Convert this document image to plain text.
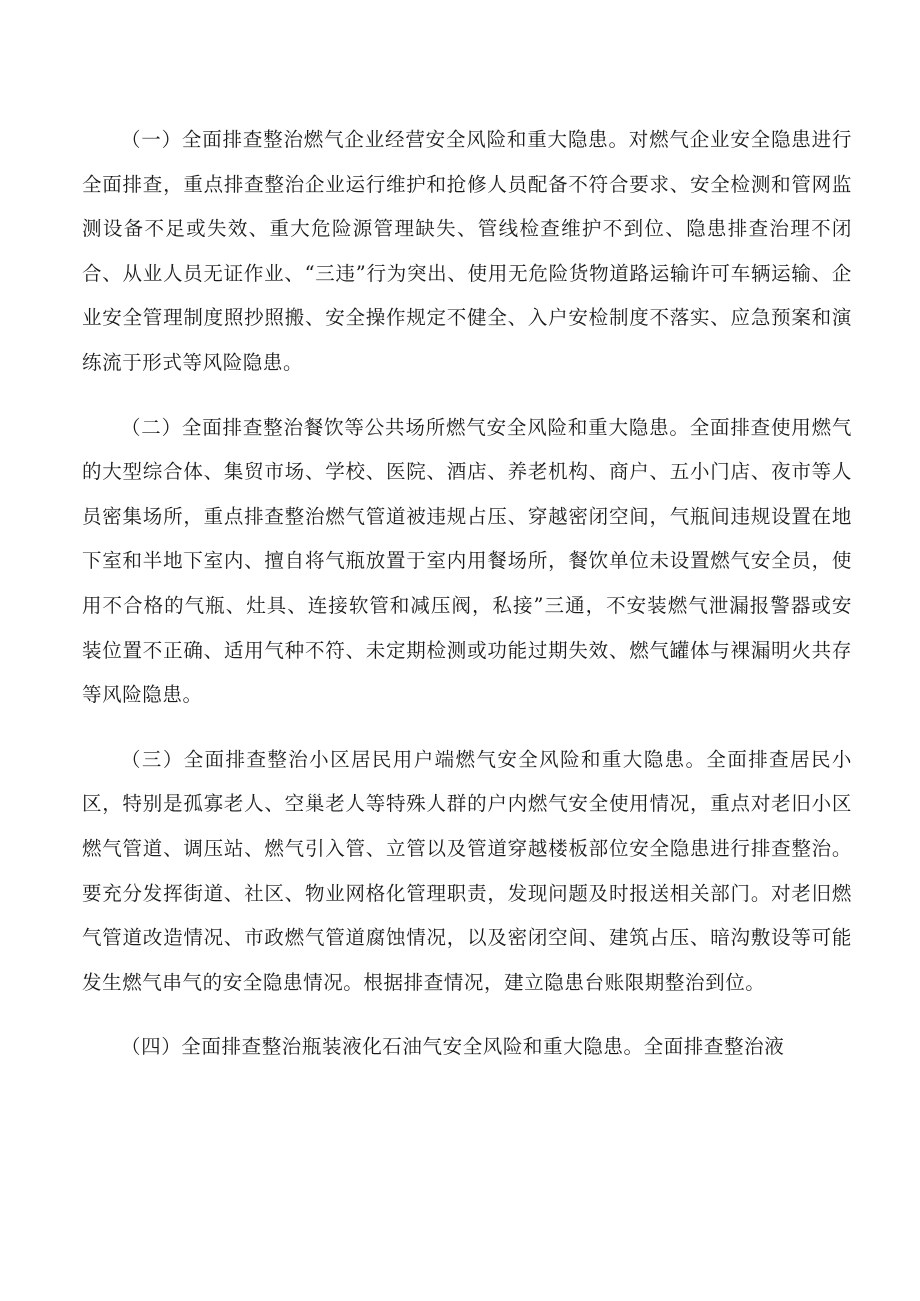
（一）全面排查整治燃气企业经营安全风险和重大隐患。对燃气企业安全隐患进行全面排查，重点排查整治企业运行维护和抢修人员配备不符合要求、安全检测和管网监测设备不足或失效、重大危险源管理缺失、管线检查维护不到位、隐患排查治理不闭合、从业人员无证作业、“三违”行为突出、使用无危险货物道路运输许可车辆运输、企业安全管理制度照抄照搬、安全操作规定不健全、入户安检制度不落实、应急预案和演练流于形式等风险隐患。

（二）全面排查整治餐饮等公共场所燃气安全风险和重大隐患。全面排查使用燃气的大型综合体、集贸市场、学校、医院、酒店、养老机构、商户、五小门店、夜市等人员密集场所，重点排查整治燃气管道被违规占压、穿越密闭空间，气瓶间违规设置在地下室和半地下室内、擅自将气瓶放置于室内用餐场所，餐饮单位未设置燃气安全员，使用不合格的气瓶、灶具、连接软管和减压阀，私接”三通，不安装燃气泄漏报警器或安装位置不正确、适用气种不符、未定期检测或功能过期失效、燃气罐体与裸漏明火共存等风险隐患。

（三）全面排查整治小区居民用户端燃气安全风险和重大隐患。全面排查居民小区，特别是孤寡老人、空巢老人等特殊人群的户内燃气安全使用情况，重点对老旧小区燃气管道、调压站、燃气引入管、立管以及管道穿越楼板部位安全隐患进行排查整治。要充分发挥街道、社区、物业网格化管理职责，发现问题及时报送相关部门。对老旧燃气管道改造情况、市政燃气管道腐蚀情况，以及密闭空间、建筑占压、暗沟敷设等可能发生燃气串气的安全隐患情况。根据排查情况，建立隐患台账限期整治到位。

（四）全面排查整治瓶装液化石油气安全风险和重大隐患。全面排查整治液
